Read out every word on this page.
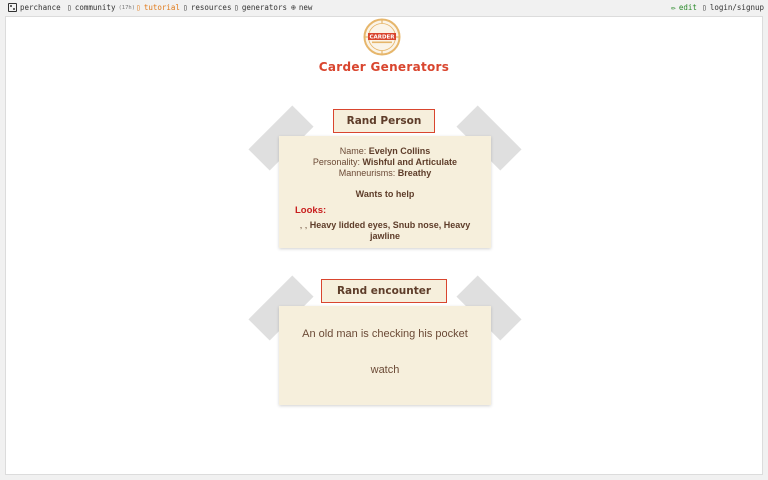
perchance ▯ community (17h) ▯ tutorial ▯ resources ▯ generators ⊕ new	✏ edit ▯ login/signup
CARDER
Carder Generators
Name: Evelyn Collins
Personality: Wishful and Articulate
Manneurisms: Breathy
Wants to help
Looks:
, , Heavy lidded eyes, Snub nose, Heavy jawline
Rand Person
An old man is checking his pocket
watch
Rand encounter
